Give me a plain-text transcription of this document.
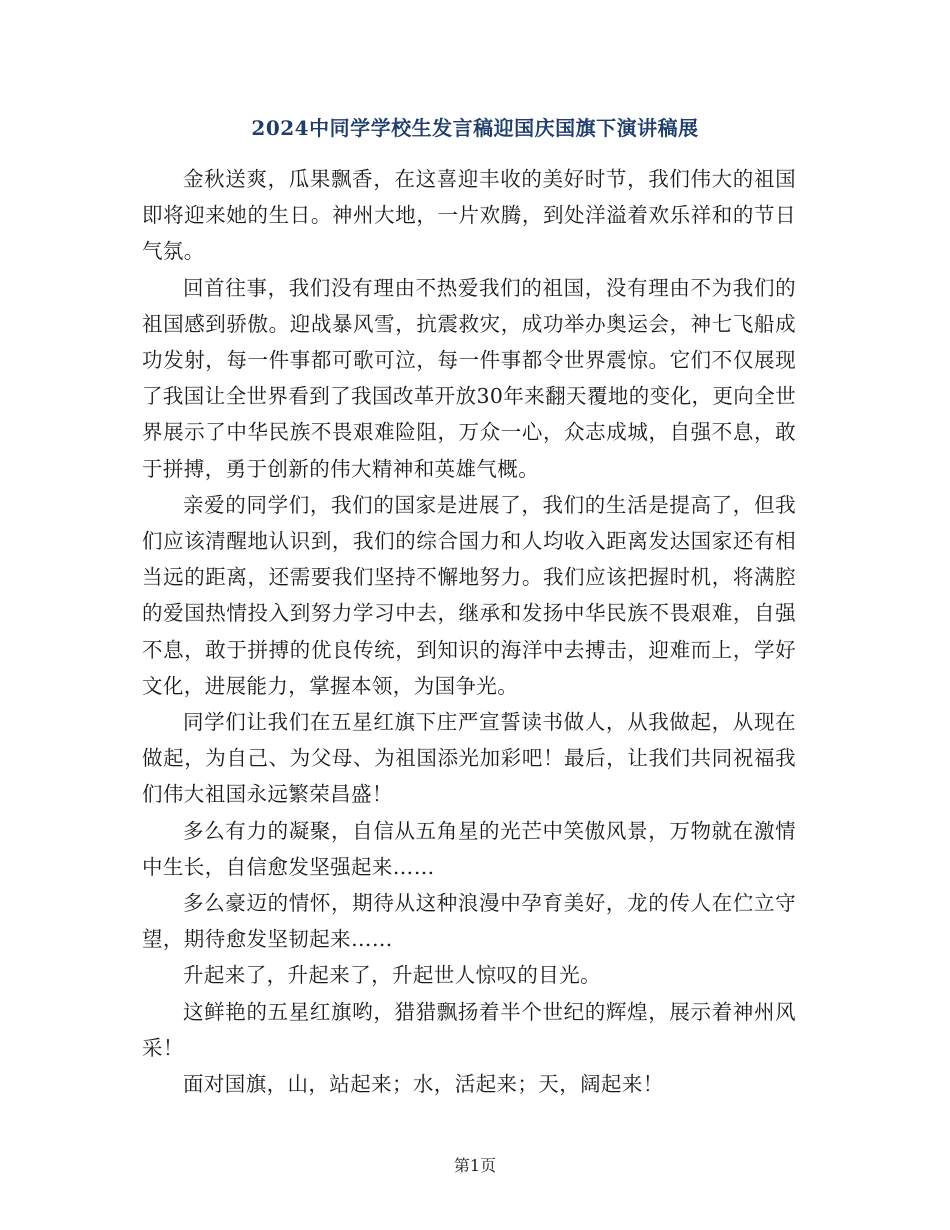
2024中同学学校生发言稿迎国庆国旗下演讲稿展

金秋送爽，瓜果飘香，在这喜迎丰收的美好时节，我们伟大的祖国即将迎来她的生日。神州大地，一片欢腾，到处洋溢着欢乐祥和的节日气氛。

回首往事，我们没有理由不热爱我们的祖国，没有理由不为我们的祖国感到骄傲。迎战暴风雪，抗震救灾，成功举办奥运会，神七飞船成功发射，每一件事都可歌可泣，每一件事都令世界震惊。它们不仅展现了我国让全世界看到了我国改革开放30年来翻天覆地的变化，更向全世界展示了中华民族不畏艰难险阻，万众一心，众志成城，自强不息，敢于拼搏，勇于创新的伟大精神和英雄气概。

亲爱的同学们，我们的国家是进展了，我们的生活是提高了，但我们应该清醒地认识到，我们的综合国力和人均收入距离发达国家还有相当远的距离，还需要我们坚持不懈地努力。我们应该把握时机，将满腔的爱国热情投入到努力学习中去，继承和发扬中华民族不畏艰难，自强不息，敢于拼搏的优良传统，到知识的海洋中去搏击，迎难而上，学好文化，进展能力，掌握本领，为国争光。

同学们让我们在五星红旗下庄严宣誓读书做人，从我做起，从现在做起，为自己、为父母、为祖国添光加彩吧！最后，让我们共同祝福我们伟大祖国永远繁荣昌盛！

多么有力的凝聚，自信从五角星的光芒中笑傲风景，万物就在激情中生长，自信愈发坚强起来……

多么豪迈的情怀，期待从这种浪漫中孕育美好，龙的传人在伫立守望，期待愈发坚韧起来……

升起来了，升起来了，升起世人惊叹的目光。

这鲜艳的五星红旗哟，猎猎飘扬着半个世纪的辉煌，展示着神州风采！

面对国旗，山，站起来；水，活起来；天，阔起来！

第1页
